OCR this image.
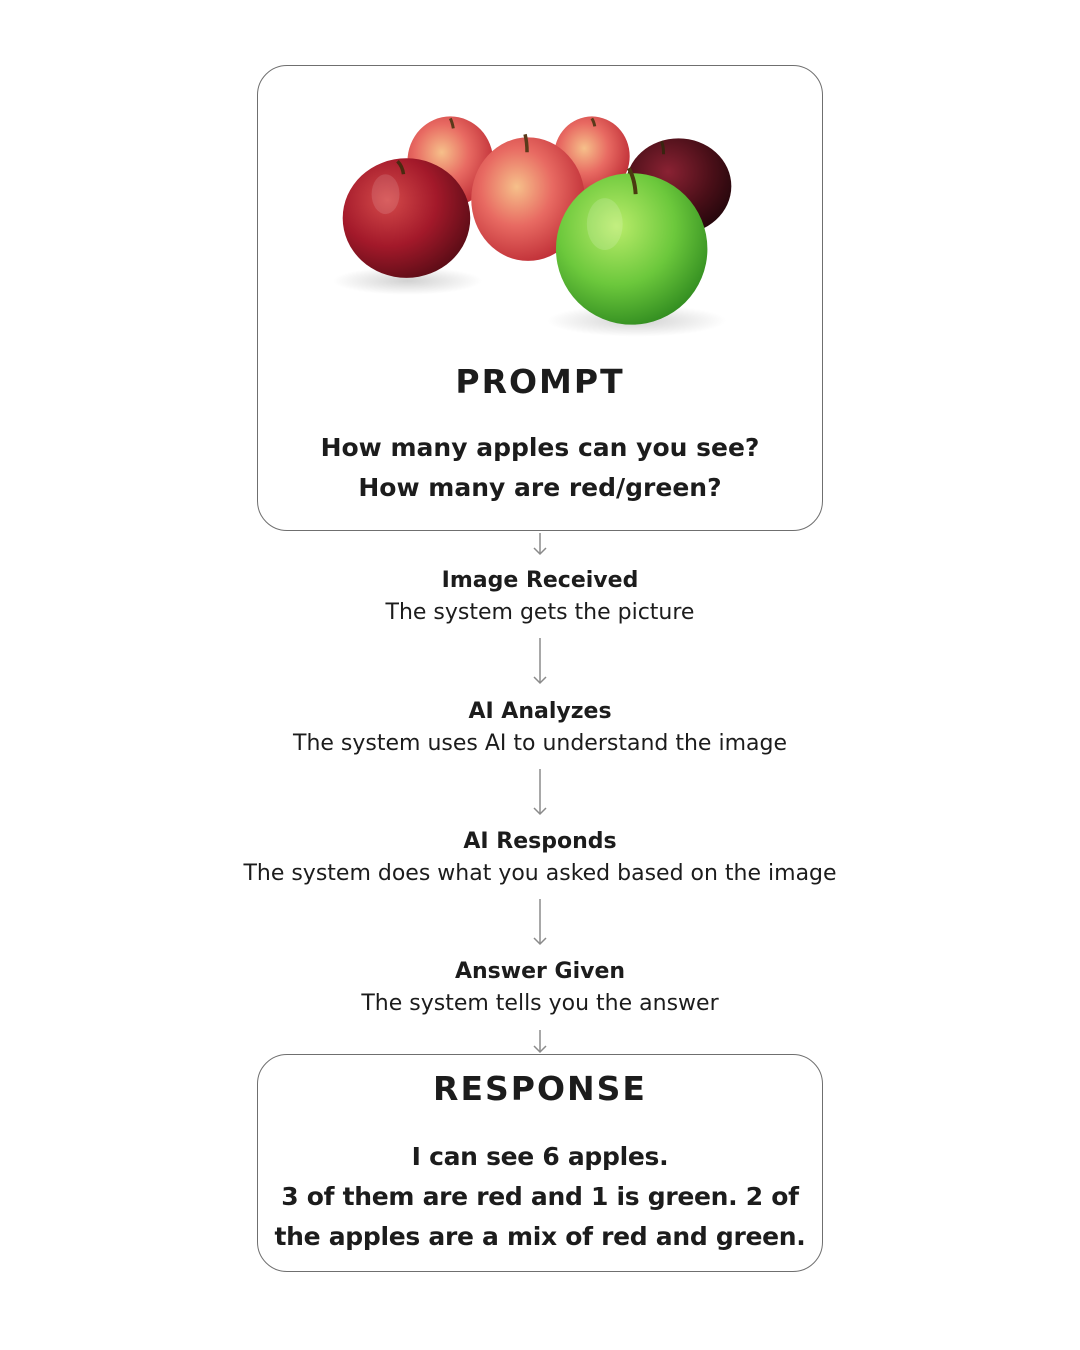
PROMPT
How many apples can you see?
How many are red/green?
Image Received
The system gets the picture
AI Analyzes
The system uses AI to understand the image
AI Responds
The system does what you asked based on the image
Answer Given
The system tells you the answer
RESPONSE
I can see 6 apples.
3 of them are red and 1 is green. 2 of
the apples are a mix of red and green.
